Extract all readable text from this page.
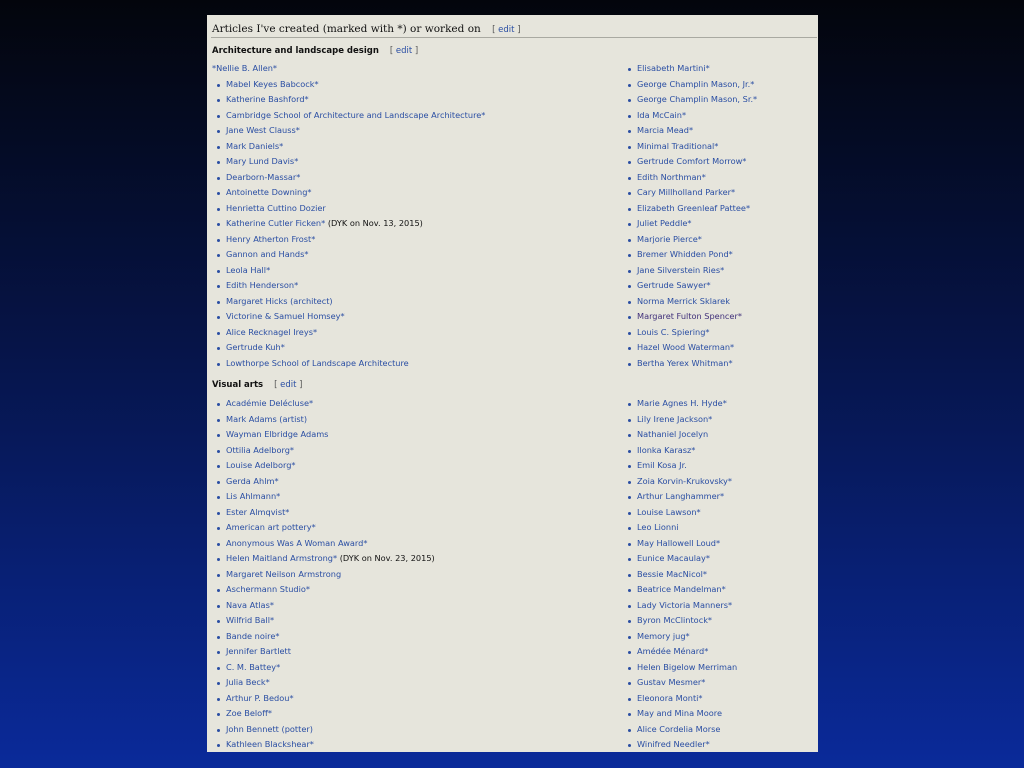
Articles I've created (marked with *) or worked on [ edit ]
Architecture and landscape design [ edit ]
*Nellie B. Allen*
Mabel Keyes Babcock*
Katherine Bashford*
Cambridge School of Architecture and Landscape Architecture*
Jane West Clauss*
Mark Daniels*
Mary Lund Davis*
Dearborn-Massar*
Antoinette Downing*
Henrietta Cuttino Dozier
Katherine Cutler Ficken* (DYK on Nov. 13, 2015)
Henry Atherton Frost*
Gannon and Hands*
Leola Hall*
Edith Henderson*
Margaret Hicks (architect)
Victorine & Samuel Homsey*
Alice Recknagel Ireys*
Gertrude Kuh*
Lowthorpe School of Landscape Architecture
Elisabeth Martini*
George Champlin Mason, Jr.*
George Champlin Mason, Sr.*
Ida McCain*
Marcia Mead*
Minimal Traditional*
Gertrude Comfort Morrow*
Edith Northman*
Cary Millholland Parker*
Elizabeth Greenleaf Pattee*
Juliet Peddle*
Marjorie Pierce*
Bremer Whidden Pond*
Jane Silverstein Ries*
Gertrude Sawyer*
Norma Merrick Sklarek
Margaret Fulton Spencer*
Louis C. Spiering*
Hazel Wood Waterman*
Bertha Yerex Whitman*
Visual arts [ edit ]
Académie Delécluse*
Mark Adams (artist)
Wayman Elbridge Adams
Ottilia Adelborg*
Louise Adelborg*
Gerda Ahlm*
Lis Ahlmann*
Ester Almqvist*
American art pottery*
Anonymous Was A Woman Award*
Helen Maitland Armstrong* (DYK on Nov. 23, 2015)
Margaret Neilson Armstrong
Aschermann Studio*
Nava Atlas*
Wilfrid Ball*
Bande noire*
Jennifer Bartlett
C. M. Battey*
Julia Beck*
Arthur P. Bedou*
Zoe Beloff*
John Bennett (potter)
Kathleen Blackshear*
Marie Agnes H. Hyde*
Lily Irene Jackson*
Nathaniel Jocelyn
Ilonka Karasz*
Emil Kosa Jr.
Zoia Korvin-Krukovsky*
Arthur Langhammer*
Louise Lawson*
Leo Lionni
May Hallowell Loud*
Eunice Macaulay*
Bessie MacNicol*
Beatrice Mandelman*
Lady Victoria Manners*
Byron McClintock*
Memory jug*
Amédée Ménard*
Helen Bigelow Merriman
Gustav Mesmer*
Eleonora Monti*
May and Mina Moore
Alice Cordelia Morse
Winifred Needler*
